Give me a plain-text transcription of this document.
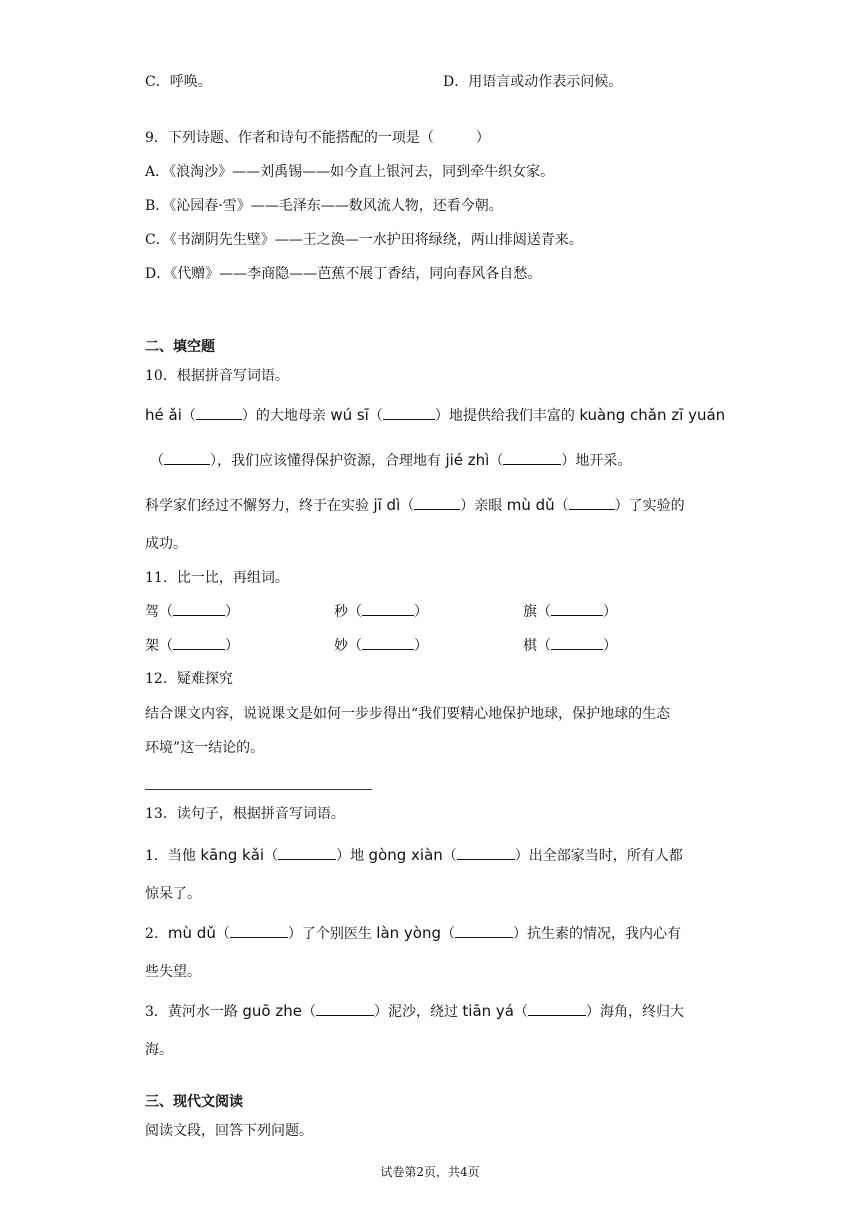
C．呼唤。	D．用语言或动作表示问候。
9．下列诗题、作者和诗句不能搭配的一项是（　　　）
A．《浪淘沙》——刘禹锡——如今直上银河去，同到牵牛织女家。
B．《沁园春·雪》——毛泽东——数风流人物，还看今朝。
C．《书湖阴先生壁》——王之涣—一水护田将绿绕，两山排闼送青来。
D．《代赠》——李商隐——芭蕉不展丁香结，同向春风各自愁。
二、填空题
10．根据拼音写词语。
hé ǎi（	）的大地母亲 wú sī（	）地提供给我们丰富的 kuàng chǎn zī yuán
（	），我们应该懂得保护资源，合理地有 jié zhì（	）地开采。
科学家们经过不懈努力，终于在实验 jī dì（	）亲眼 mù dǔ（	）了实验的
成功。
11．比一比，再组词。
驾（	）	秒（	）	旗（	）
架（	）	妙（	）	棋（	）
12．疑难探究
结合课文内容，说说课文是如何一步步得出“我们要精心地保护地球，保护地球的生态
环境”这一结论的。
13．读句子，根据拼音写词语。
1．当他 kāng kǎi（	）地 gòng xiàn（	）出全部家当时，所有人都
惊呆了。
2．mù dǔ（	）了个别医生 làn yòng（	）抗生素的情况，我内心有
些失望。
3．黄河水一路 guō zhe（	）泥沙，绕过 tiān yá（	）海角，终归大
海。
三、现代文阅读
阅读文段，回答下列问题。
试卷第2页，共4页
